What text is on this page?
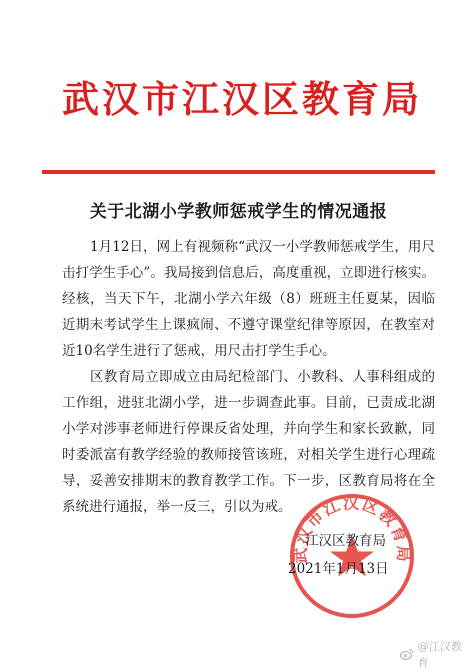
武汉市江汉区教育局
关于北湖小学教师惩戒学生的情况通报

1月12日，网上有视频称“武汉一小学教师惩戒学生，用尺击打学生手心”。我局接到信息后，高度重视，立即进行核实。经核，当天下午，北湖小学六年级（8）班班主任夏某，因临近期末考试学生上课疯闹、不遵守课堂纪律等原因，在教室对近10名学生进行了惩戒，用尺击打学生手心。

区教育局立即成立由局纪检部门、小教科、人事科组成的工作组，进驻北湖小学，进一步调查此事。目前，已责成北湖小学对涉事老师进行停课反省处理，并向学生和家长致歉，同时委派富有教学经验的教师接管该班，对相关学生进行心理疏导，妥善安排期末的教育教学工作。下一步，区教育局将在全系统进行通报，举一反三，引以为戒。

武汉市江汉区教育局
江汉区教育局
2021年1月13日
@江汉教育
